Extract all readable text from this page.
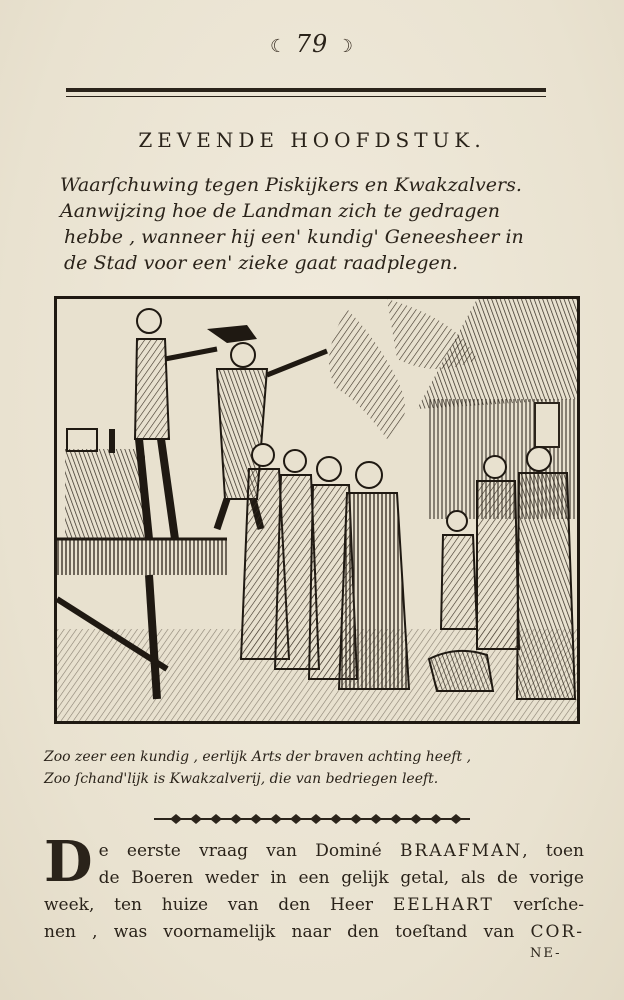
☾ 79 ☽
ZEVENDE HOOFDSTUK.
Waarſchuwing tegen Piskijkers en Kwakzalvers.
Aanwijzing hoe de Landman zich te gedragen
hebbe , wanneer hij een' kundig' Geneesheer in
de Stad voor een' zieke gaat raadplegen.
Zoo zeer een kundig , eerlijk Arts der braven achting heeft ,
Zoo ſchand'lijk is Kwakzalverij, die van bedriegen leeft.
D e eerste vraag van Dominé BRAAFMAN, toen
de Boeren weder in een gelijk getal, als de vorige
week, ten huize van den Heer EELHART verſche-
nen , was voornamelijk naar den toeſtand van COR-
NE-
